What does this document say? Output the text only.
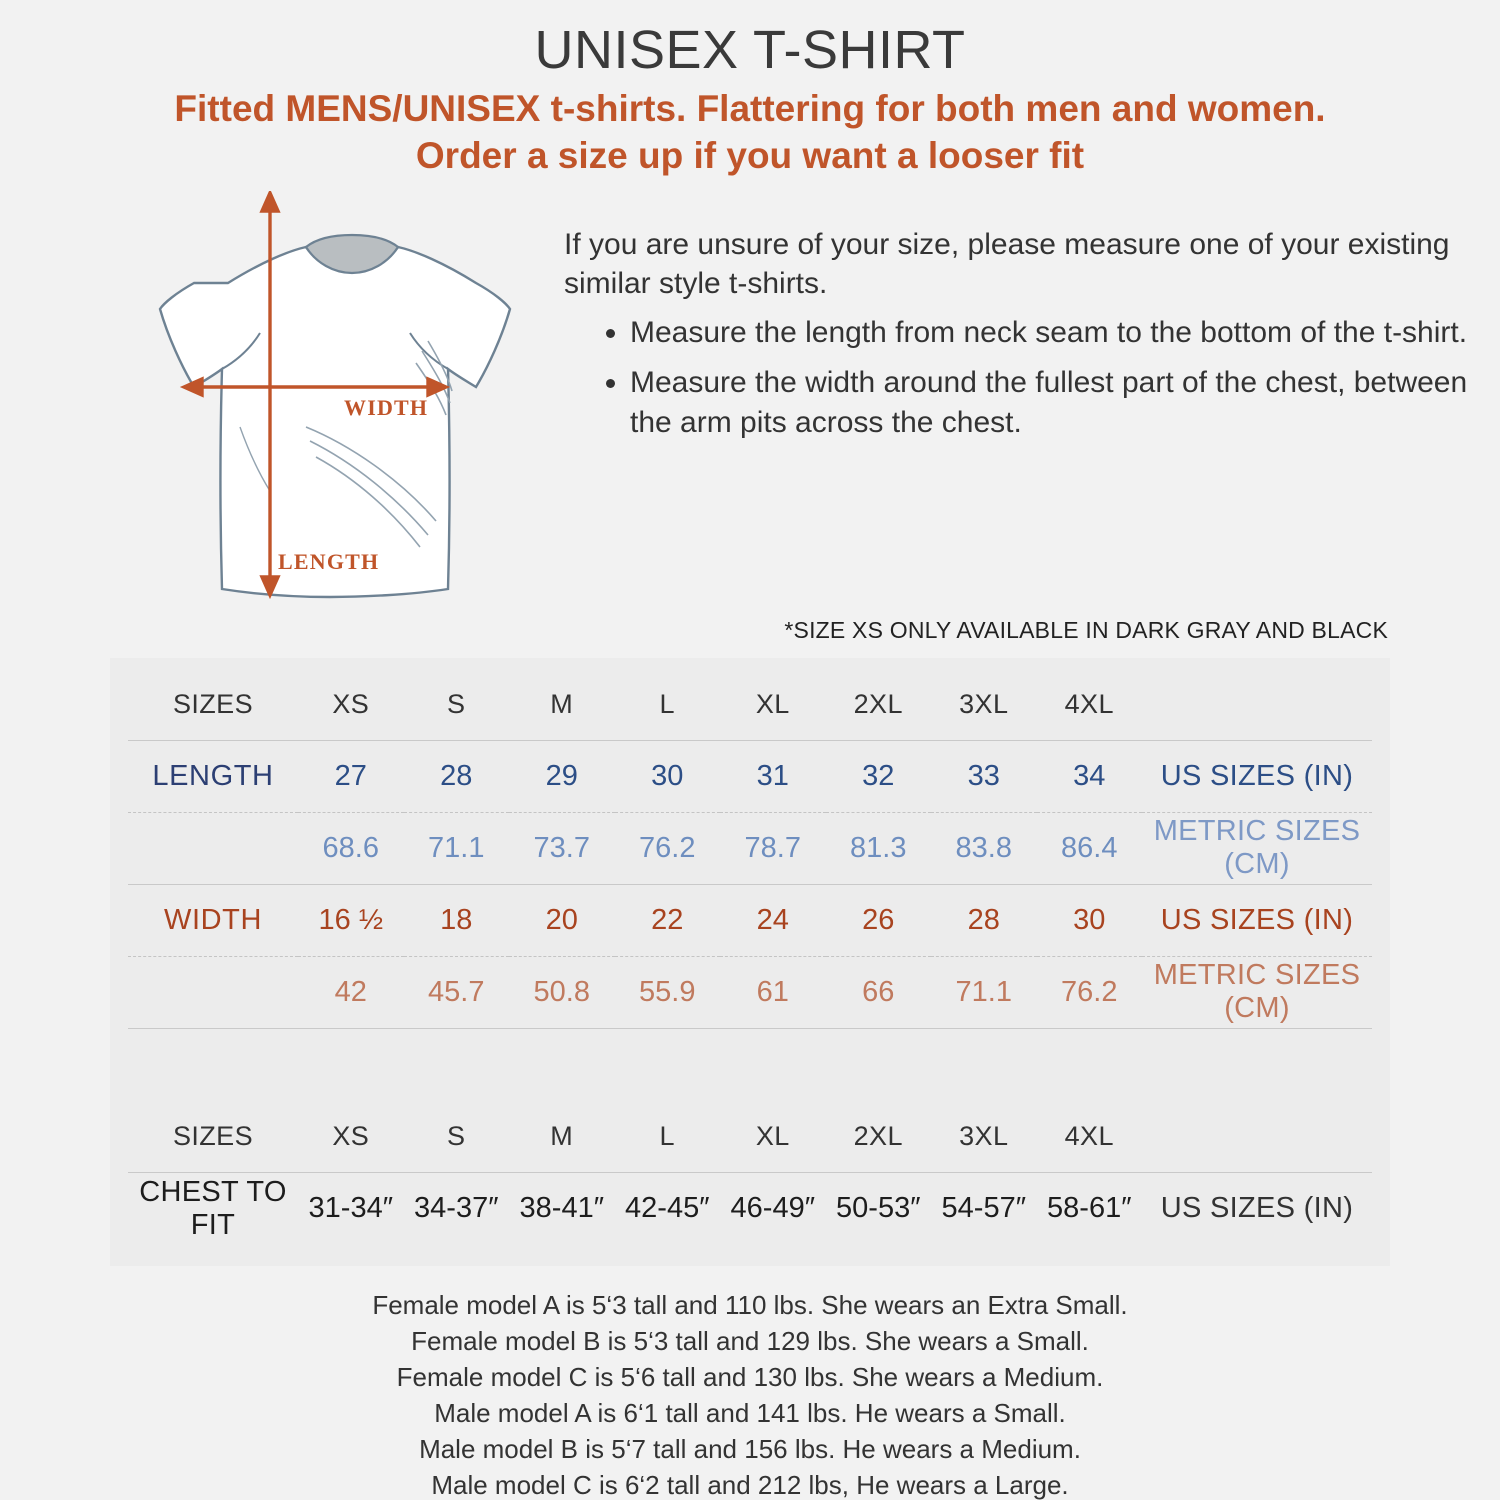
UNISEX T-SHIRT
Fitted MENS/UNISEX t-shirts. Flattering for both men and women.
Order a size up if you want a looser fit
WIDTH
LENGTH

If you are unsure of your size, please measure one of your existing similar style t-shirts.

• Measure the length from neck seam to the bottom of the t-shirt.
• Measure the width around the fullest part of the chest, between the arm pits across the chest.
*SIZE XS ONLY AVAILABLE IN DARK GRAY AND BLACK
SIZES	XS	S	M	L	XL	2XL	3XL	4XL	
LENGTH	27	28	29	30	31	32	33	34	US SIZES (IN)
	68.6	71.1	73.7	76.2	78.7	81.3	83.8	86.4	METRIC SIZES (CM)
WIDTH	16 ½	18	20	22	24	26	28	30	US SIZES (IN)
	42	45.7	50.8	55.9	61	66	71.1	76.2	METRIC SIZES (CM)

SIZES	XS	S	M	L	XL	2XL	3XL	4XL	
CHEST TO FIT	31-34″	34-37″	38-41″	42-45″	46-49″	50-53″	54-57″	58-61″	US SIZES (IN)
Female model A is 5‘3 tall and 110 lbs. She wears an Extra Small.
Female model B is 5‘3 tall and 129 lbs. She wears a Small.
Female model C is 5‘6 tall and 130 lbs. She wears a Medium.
Male model A is 6‘1 tall and 141 lbs. He wears a Small.
Male model B is 5‘7 tall and 156 lbs. He wears a Medium.
Male model C is 6‘2 tall and 212 lbs, He wears a Large.
